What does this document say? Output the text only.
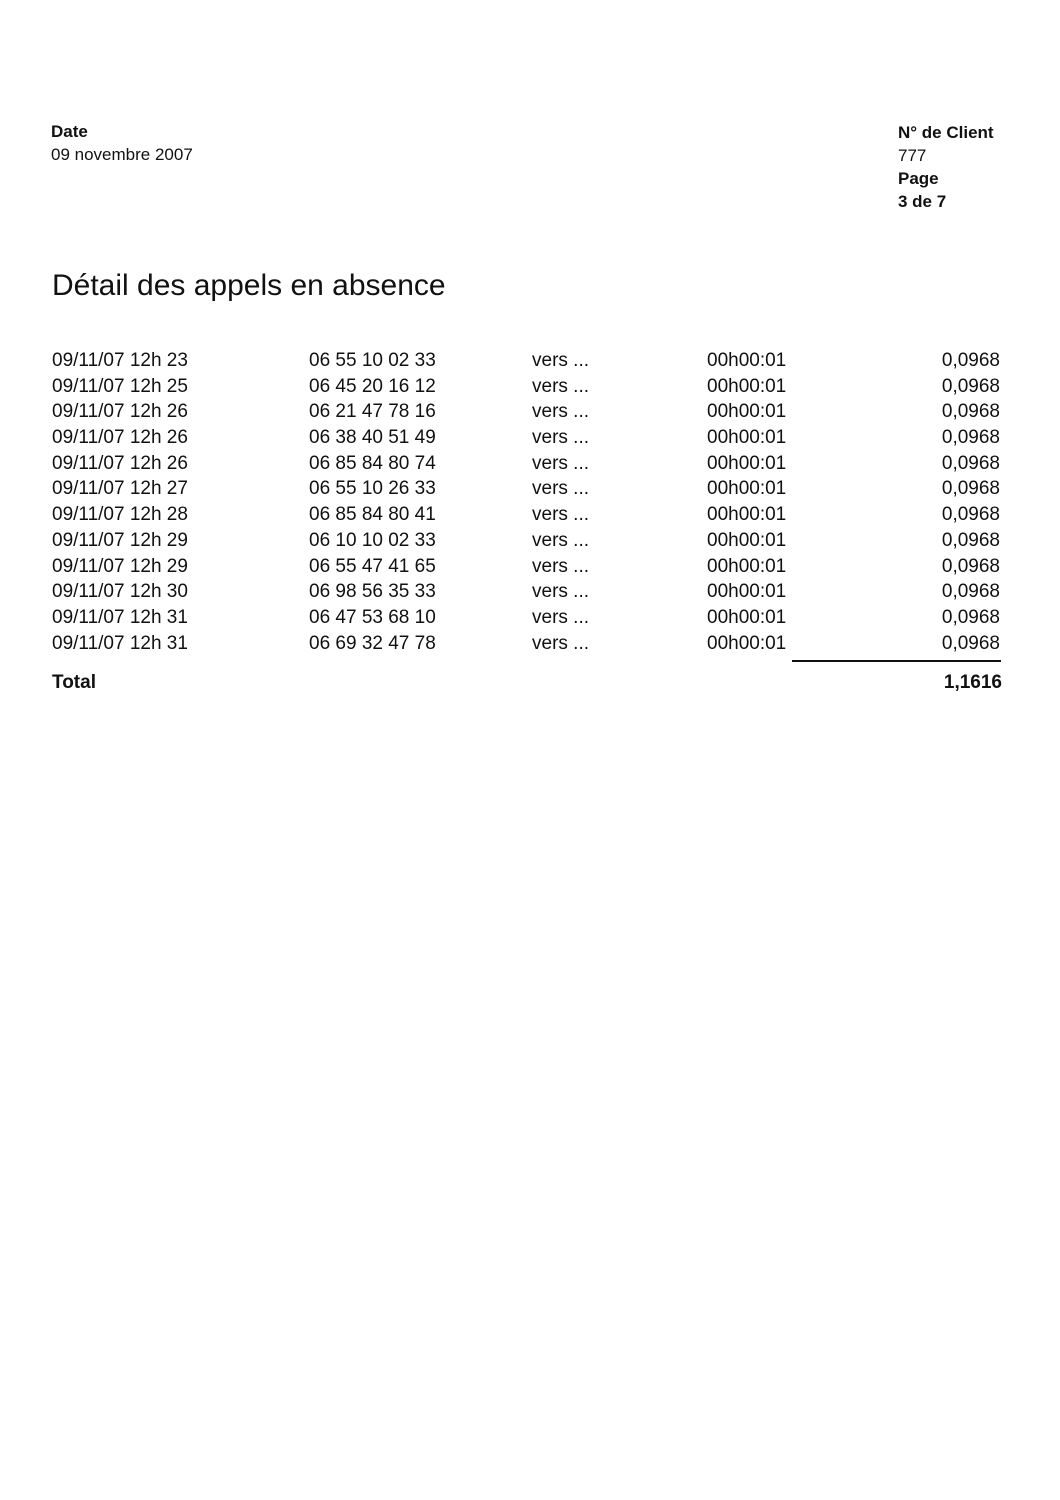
Date
09 novembre 2007
N° de Client
777
Page
3 de 7
Détail des appels en absence
09/11/07 12h 23	06 55 10 02 33	vers ...	00h00:01	0,0968
09/11/07 12h 25	06 45 20 16 12	vers ...	00h00:01	0,0968
09/11/07 12h 26	06 21 47 78 16	vers ...	00h00:01	0,0968
09/11/07 12h 26	06 38 40 51 49	vers ...	00h00:01	0,0968
09/11/07 12h 26	06 85 84 80 74	vers ...	00h00:01	0,0968
09/11/07 12h 27	06 55 10 26 33	vers ...	00h00:01	0,0968
09/11/07 12h 28	06 85 84 80 41	vers ...	00h00:01	0,0968
09/11/07 12h 29	06 10 10 02 33	vers ...	00h00:01	0,0968
09/11/07 12h 29	06 55 47 41 65	vers ...	00h00:01	0,0968
09/11/07 12h 30	06 98 56 35 33	vers ...	00h00:01	0,0968
09/11/07 12h 31	06 47 53 68 10	vers ...	00h00:01	0,0968
09/11/07 12h 31	06 69 32 47 78	vers ...	00h00:01	0,0968
Total	1,1616
